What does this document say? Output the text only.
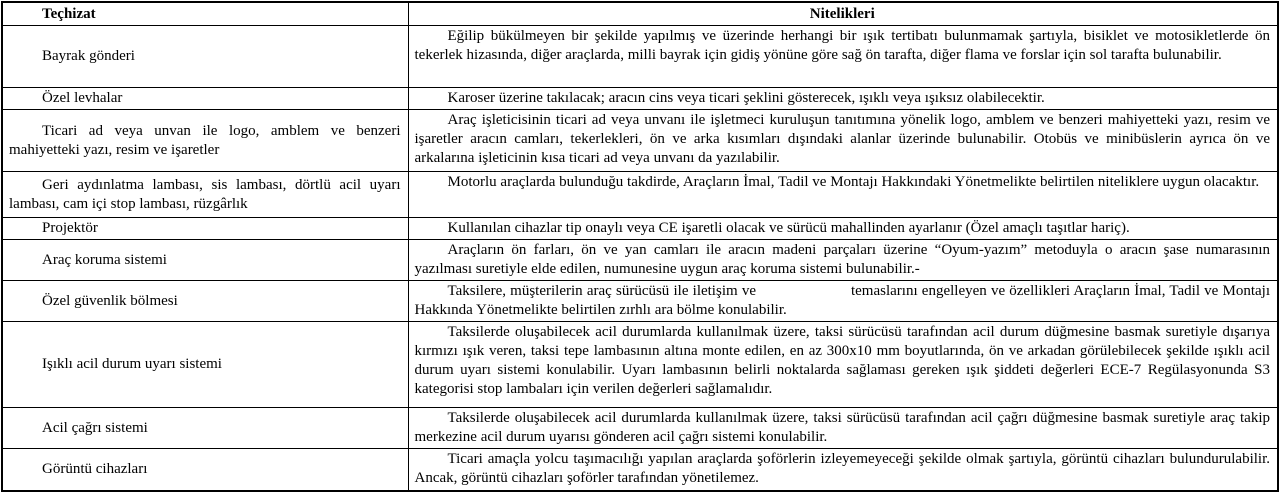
Teçhizat	Nitelikleri
Bayrak gönderi	Eğilip bükülmeyen bir şekilde yapılmış ve üzerinde herhangi bir ışık tertibatı bulunmamak şartıyla, bisiklet ve motosikletlerde ön tekerlek hizasında, diğer araçlarda, milli bayrak için gidiş yönüne göre sağ ön tarafta, diğer flama ve forslar için sol tarafta bulunabilir.
Özel levhalar	Karoser üzerine takılacak; aracın cins veya ticari şeklini gösterecek, ışıklı veya ışıksız olabilecektir.
Ticari ad veya unvan ile logo, amblem ve benzeri mahiyetteki yazı, resim ve işaretler	Araç işleticisinin ticari ad veya unvanı ile işletmeci kuruluşun tanıtımına yönelik logo, amblem ve benzeri mahiyetteki yazı, resim ve işaretler aracın camları, tekerlekleri, ön ve arka kısımları dışındaki alanlar üzerinde bulunabilir. Otobüs ve minibüslerin ayrıca ön ve arkalarına işleticinin kısa ticari ad veya unvanı da yazılabilir.
Geri aydınlatma lambası, sis lambası, dörtlü acil uyarı lambası, cam içi stop lambası, rüzgârlık	Motorlu araçlarda bulunduğu takdirde, Araçların İmal, Tadil ve Montajı Hakkındaki Yönetmelikte belirtilen niteliklere uygun olacaktır.
Projektör	Kullanılan cihazlar tip onaylı veya CE işaretli olacak ve sürücü mahallinden ayarlanır (Özel amaçlı taşıtlar hariç).
Araç koruma sistemi	Araçların ön farları, ön ve yan camları ile aracın madeni parçaları üzerine “Oyum-yazım” metoduyla o aracın şase numarasının yazılması suretiyle elde edilen, numunesine uygun araç koruma sistemi bulunabilir.-
Özel güvenlik bölmesi	Taksilere, müşterilerin araç sürücüsü ile iletişim ve temaslarını engelleyen ve özellikleri Araçların İmal, Tadil ve Montajı Hakkında Yönetmelikte belirtilen zırhlı ara bölme konulabilir.
Işıklı acil durum uyarı sistemi	Taksilerde oluşabilecek acil durumlarda kullanılmak üzere, taksi sürücüsü tarafından acil durum düğmesine basmak suretiyle dışarıya kırmızı ışık veren, taksi tepe lambasının altına monte edilen, en az 300x10 mm boyutlarında, ön ve arkadan görülebilecek şekilde ışıklı acil durum uyarı sistemi konulabilir. Uyarı lambasının belirli noktalarda sağlaması gereken ışık şiddeti değerleri ECE-7 Regülasyonunda S3 kategorisi stop lambaları için verilen değerleri sağlamalıdır.
Acil çağrı sistemi	Taksilerde oluşabilecek acil durumlarda kullanılmak üzere, taksi sürücüsü tarafından acil çağrı düğmesine basmak suretiyle araç takip merkezine acil durum uyarısı gönderen acil çağrı sistemi konulabilir.
Görüntü cihazları	Ticari amaçla yolcu taşımacılığı yapılan araçlarda şoförlerin izleyemeyeceği şekilde olmak şartıyla, görüntü cihazları bulundurulabilir. Ancak, görüntü cihazları şoförler tarafından yönetilemez.
